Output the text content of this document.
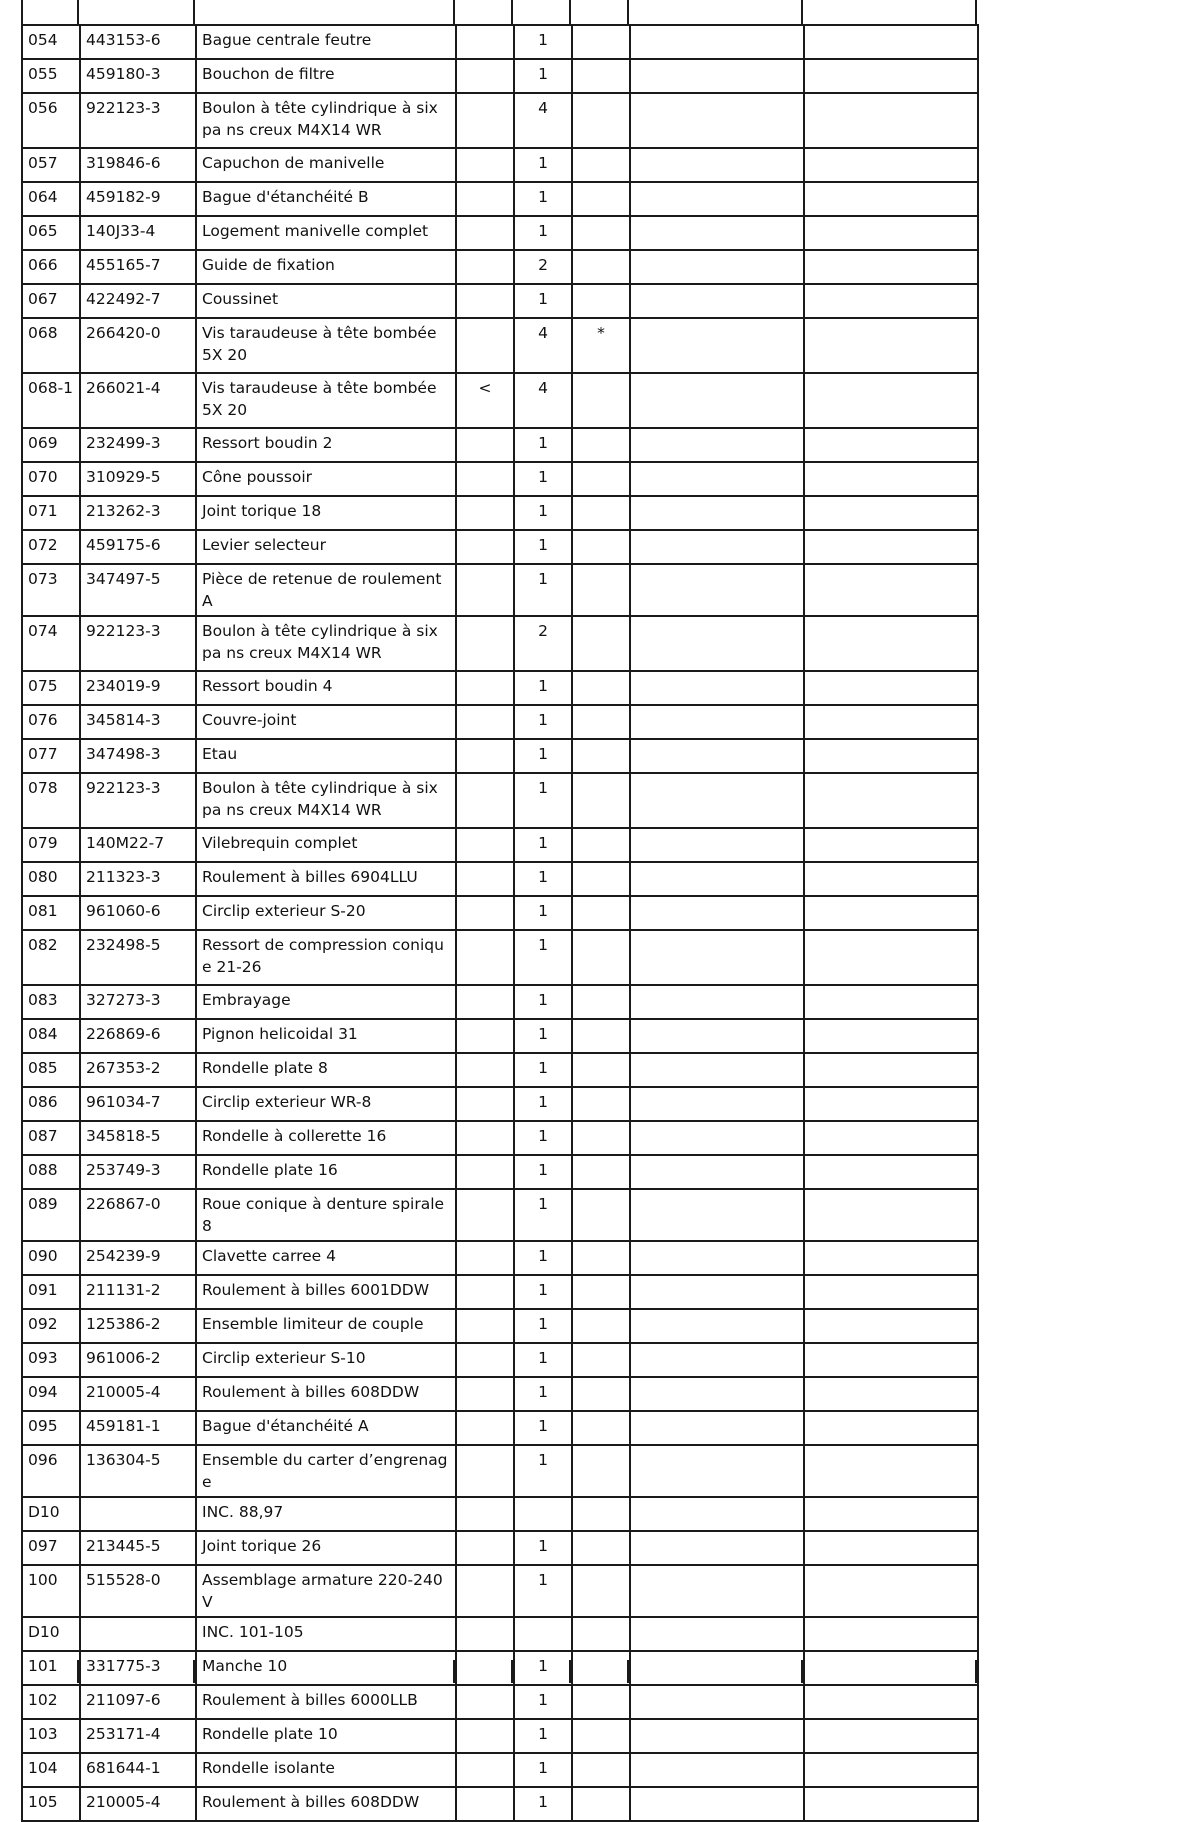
054	443153-6	Bague centrale feutre		1			
055	459180-3	Bouchon de filtre		1			
056	922123-3	Boulon à tête cylindrique à six pa ns creux M4X14 WR		4			
057	319846-6	Capuchon de manivelle		1			
064	459182-9	Bague d'étanchéité B		1			
065	140J33-4	Logement manivelle complet		1			
066	455165-7	Guide de fixation		2			
067	422492-7	Coussinet		1			
068	266420-0	Vis taraudeuse à tête bombée 5X 20		4	*		
068-1	266021-4	Vis taraudeuse à tête bombée 5X 20	<	4			
069	232499-3	Ressort boudin 2		1			
070	310929-5	Cône poussoir		1			
071	213262-3	Joint torique 18		1			
072	459175-6	Levier selecteur		1			
073	347497-5	Pièce de retenue de roulement A		1			
074	922123-3	Boulon à tête cylindrique à six pa ns creux M4X14 WR		2			
075	234019-9	Ressort boudin 4		1			
076	345814-3	Couvre-joint		1			
077	347498-3	Etau		1			
078	922123-3	Boulon à tête cylindrique à six pa ns creux M4X14 WR		1			
079	140M22-7	Vilebrequin complet		1			
080	211323-3	Roulement à billes 6904LLU		1			
081	961060-6	Circlip exterieur S-20		1			
082	232498-5	Ressort de compression conique 21-26		1			
083	327273-3	Embrayage		1			
084	226869-6	Pignon helicoidal 31		1			
085	267353-2	Rondelle plate 8		1			
086	961034-7	Circlip exterieur WR-8		1			
087	345818-5	Rondelle à collerette 16		1			
088	253749-3	Rondelle plate 16		1			
089	226867-0	Roue conique à denture spirale 8		1			
090	254239-9	Clavette carree 4		1			
091	211131-2	Roulement à billes 6001DDW		1			
092	125386-2	Ensemble limiteur de couple		1			
093	961006-2	Circlip exterieur S-10		1			
094	210005-4	Roulement à billes 608DDW		1			
095	459181-1	Bague d'étanchéité A		1			
096	136304-5	Ensemble du carter d’engrenage		1			
D10		INC. 88,97					
097	213445-5	Joint torique 26		1			
100	515528-0	Assemblage armature 220-240V		1			
D10		INC. 101-105					
101	331775-3	Manche 10		1			
102	211097-6	Roulement à billes 6000LLB		1			
103	253171-4	Rondelle plate 10		1			
104	681644-1	Rondelle isolante		1			
105	210005-4	Roulement à billes 608DDW		1			
